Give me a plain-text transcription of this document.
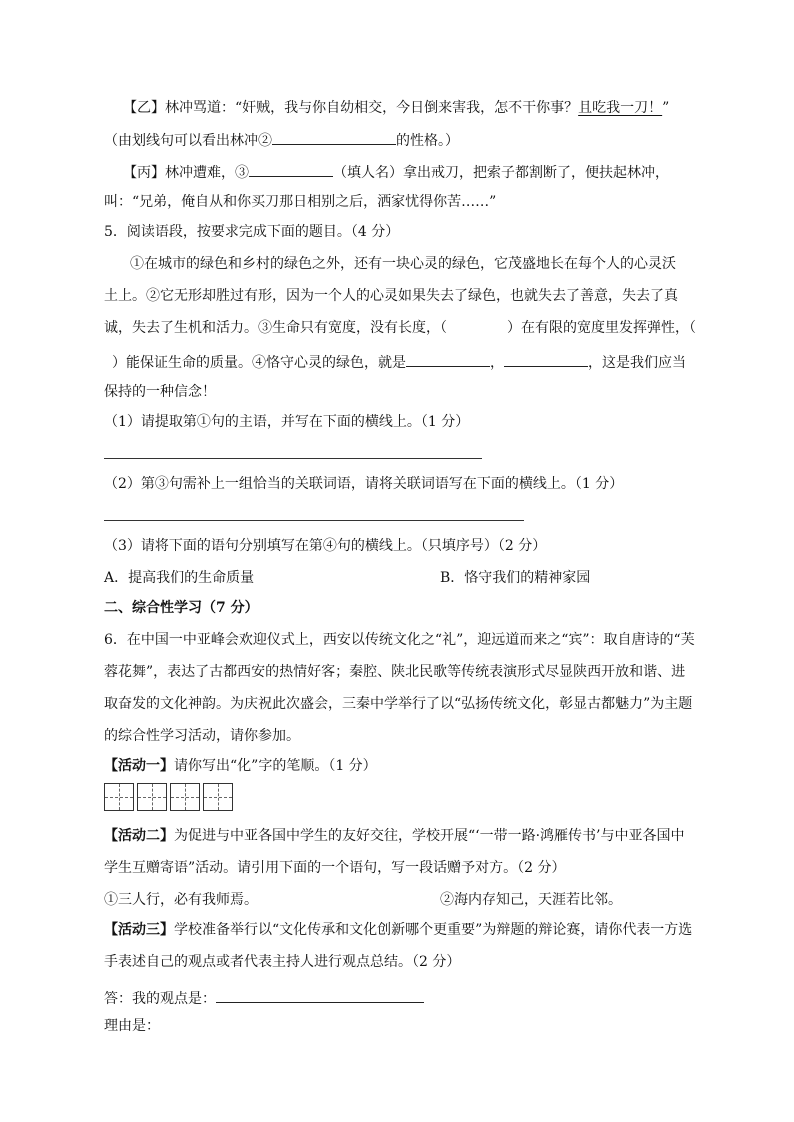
【乙】林冲骂道：“奸贼，我与你自幼相交，今日倒来害我，怎不干你事？且吃我一刀！”
（由划线句可以看出林冲②	的性格。）
【丙】林冲遭难，③	（填人名）拿出戒刀，把索子都割断了，便扶起林冲，
叫：“兄弟，俺自从和你买刀那日相别之后，洒家忧得你苦……”
5．阅读语段，按要求完成下面的题目。（4 分）
①在城市的绿色和乡村的绿色之外，还有一块心灵的绿色，它茂盛地长在每个人的心灵沃
土上。②它无形却胜过有形，因为一个人的心灵如果失去了绿色，也就失去了善意，失去了真
诚，失去了生机和活力。③生命只有宽度，没有长度，（	）在有限的宽度里发挥弹性，（
）能保证生命的质量。④恪守心灵的绿色，就是	，	，这是我们应当
保持的一种信念！
（1）请提取第①句的主语，并写在下面的横线上。（1 分）
（2）第③句需补上一组恰当的关联词语，请将关联词语写在下面的横线上。（1 分）
（3）请将下面的语句分别填写在第④句的横线上。（只填序号）（2 分）
A．提高我们的生命质量	B．恪守我们的精神家园
二、综合性学习（7 分）
6．在中国一中亚峰会欢迎仪式上，西安以传统文化之“礼”，迎远道而来之“宾”：取自唐诗的“芙
蓉花舞”，表达了古都西安的热情好客；秦腔、陕北民歌等传统表演形式尽显陕西开放和谐、进
取奋发的文化神韵。为庆祝此次盛会，三秦中学举行了以“弘扬传统文化，彰显古都魅力”为主题
的综合性学习活动，请你参加。
【活动一】请你写出“化”字的笔顺。（1 分）
【活动二】为促进与中亚各国中学生的友好交往，学校开展“‘一带一路·鸿雁传书’与中亚各国中
学生互赠寄语”活动。请引用下面的一个语句，写一段话赠予对方。（2 分）
①三人行，必有我师焉。	②海内存知己，天涯若比邻。
【活动三】学校准备举行以“文化传承和文化创新哪个更重要”为辩题的辩论赛，请你代表一方选
手表述自己的观点或者代表主持人进行观点总结。（2 分）
答：我的观点是：
理由是：
